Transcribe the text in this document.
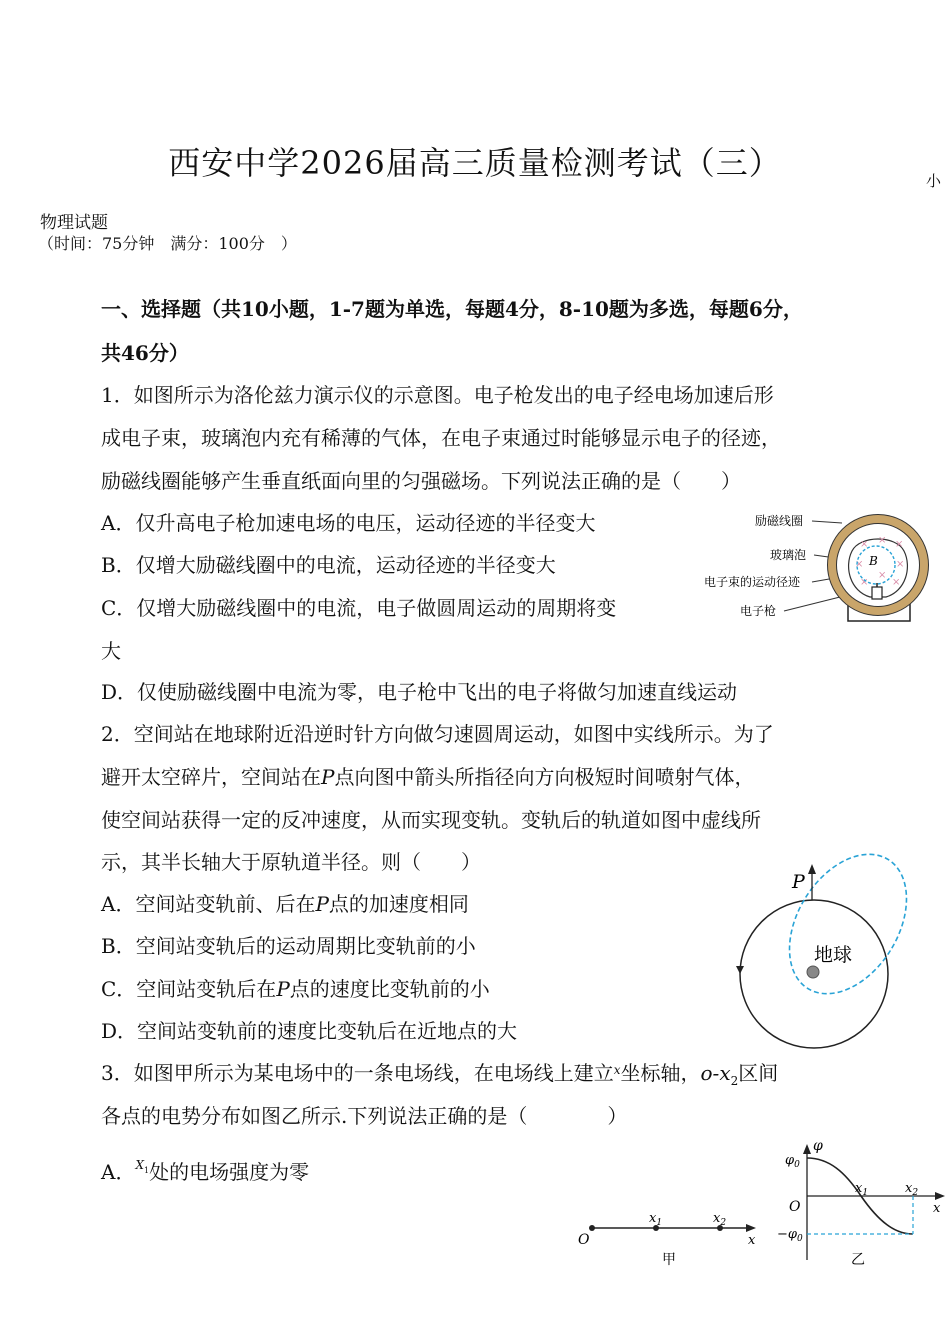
西安中学2026届高三质量检测考试（三）	小
物理试题
（时间：75分钟　满分：100分　）
一、选择题（共10小题，1-7题为单选，每题4分，8-10题为多选，每题6分，
共46分）
1．如图所示为洛伦兹力演示仪的示意图。电子枪发出的电子经电场加速后形
成电子束，玻璃泡内充有稀薄的气体，在电子束通过时能够显示电子的径迹，
励磁线圈能够产生垂直纸面向里的匀强磁场。下列说法正确的是（　　）
A．仅升高电子枪加速电场的电压，运动径迹的半径变大
B．仅增大励磁线圈中的电流，运动径迹的半径变大
C．仅增大励磁线圈中的电流，电子做圆周运动的周期将变
大
D．仅使励磁线圈中电流为零，电子枪中飞出的电子将做匀加速直线运动
励磁线圈
玻璃泡
电子束的运动径迹
电子枪
× × ×
×	×
× ×
×
B
2．空间站在地球附近沿逆时针方向做匀速圆周运动，如图中实线所示。为了
避开太空碎片，空间站在P点向图中箭头所指径向方向极短时间喷射气体，
使空间站获得一定的反冲速度，从而实现变轨。变轨后的轨道如图中虚线所
示，其半长轴大于原轨道半径。则（　　）
A．空间站变轨前、后在P点的加速度相同
B．空间站变轨后的运动周期比变轨前的小
C．空间站变轨后在P点的速度比变轨前的小
D．空间站变轨前的速度比变轨后在近地点的大
地球
P
3．如图甲所示为某电场中的一条电场线，在电场线上建立$^x$坐标轴，$o-x_2$区间
各点的电势分布如图乙所示.下列说法正确的是（　　　　）
A．$^X_1$处的电场强度为零
O
$x_1$	$x_2$
x
甲
φ
$\varphi_0$
O
$-\varphi_0$
$x_1$	$x_2$
x
乙
